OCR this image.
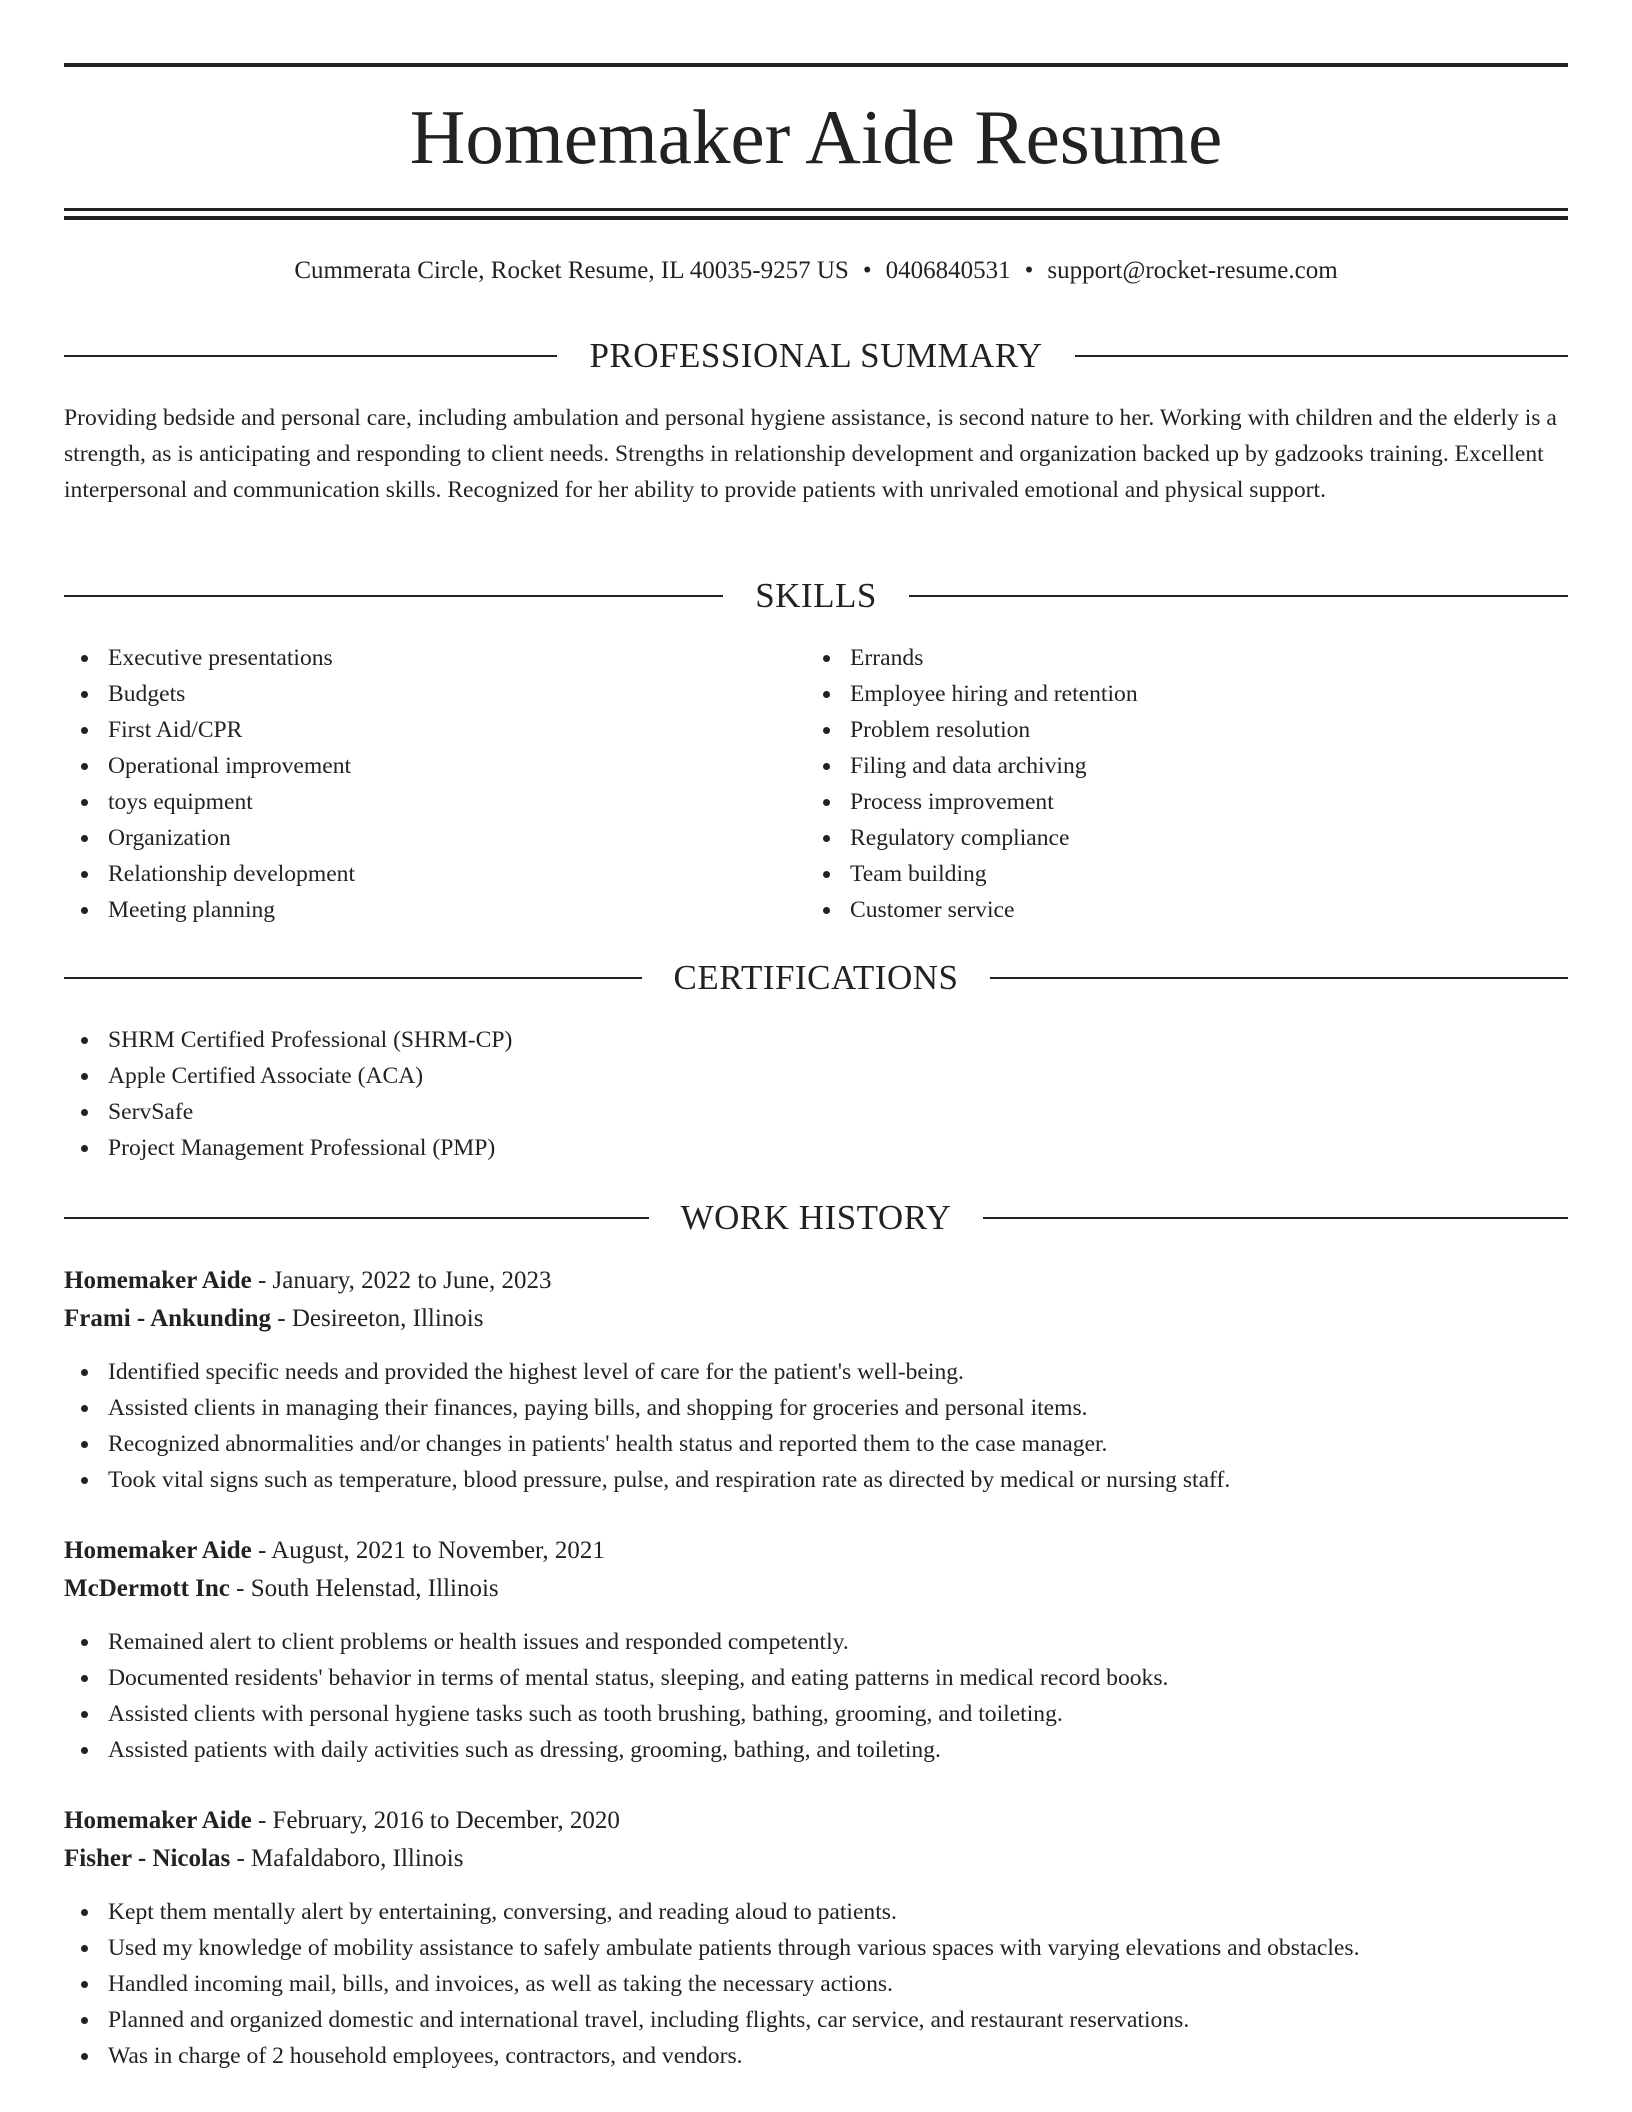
Homemaker Aide Resume
Cummerata Circle, Rocket Resume, IL 40035-9257 US • 0406840531 • support@rocket-resume.com
PROFESSIONAL SUMMARY
Providing bedside and personal care, including ambulation and personal hygiene assistance, is second nature to her. Working with children and the elderly is a strength, as is anticipating and responding to client needs. Strengths in relationship development and organization backed up by gadzooks training. Excellent interpersonal and communication skills. Recognized for her ability to provide patients with unrivaled emotional and physical support.
SKILLS
Executive presentations
Budgets
First Aid/CPR
Operational improvement
toys equipment
Organization
Relationship development
Meeting planning
Errands
Employee hiring and retention
Problem resolution
Filing and data archiving
Process improvement
Regulatory compliance
Team building
Customer service
CERTIFICATIONS
SHRM Certified Professional (SHRM-CP)
Apple Certified Associate (ACA)
ServSafe
Project Management Professional (PMP)
WORK HISTORY
Homemaker Aide - January, 2022 to June, 2023
Frami - Ankunding - Desireeton, Illinois
Identified specific needs and provided the highest level of care for the patient's well-being.
Assisted clients in managing their finances, paying bills, and shopping for groceries and personal items.
Recognized abnormalities and/or changes in patients' health status and reported them to the case manager.
Took vital signs such as temperature, blood pressure, pulse, and respiration rate as directed by medical or nursing staff.
Homemaker Aide - August, 2021 to November, 2021
McDermott Inc - South Helenstad, Illinois
Remained alert to client problems or health issues and responded competently.
Documented residents' behavior in terms of mental status, sleeping, and eating patterns in medical record books.
Assisted clients with personal hygiene tasks such as tooth brushing, bathing, grooming, and toileting.
Assisted patients with daily activities such as dressing, grooming, bathing, and toileting.
Homemaker Aide - February, 2016 to December, 2020
Fisher - Nicolas - Mafaldaboro, Illinois
Kept them mentally alert by entertaining, conversing, and reading aloud to patients.
Used my knowledge of mobility assistance to safely ambulate patients through various spaces with varying elevations and obstacles.
Handled incoming mail, bills, and invoices, as well as taking the necessary actions.
Planned and organized domestic and international travel, including flights, car service, and restaurant reservations.
Was in charge of 2 household employees, contractors, and vendors.
